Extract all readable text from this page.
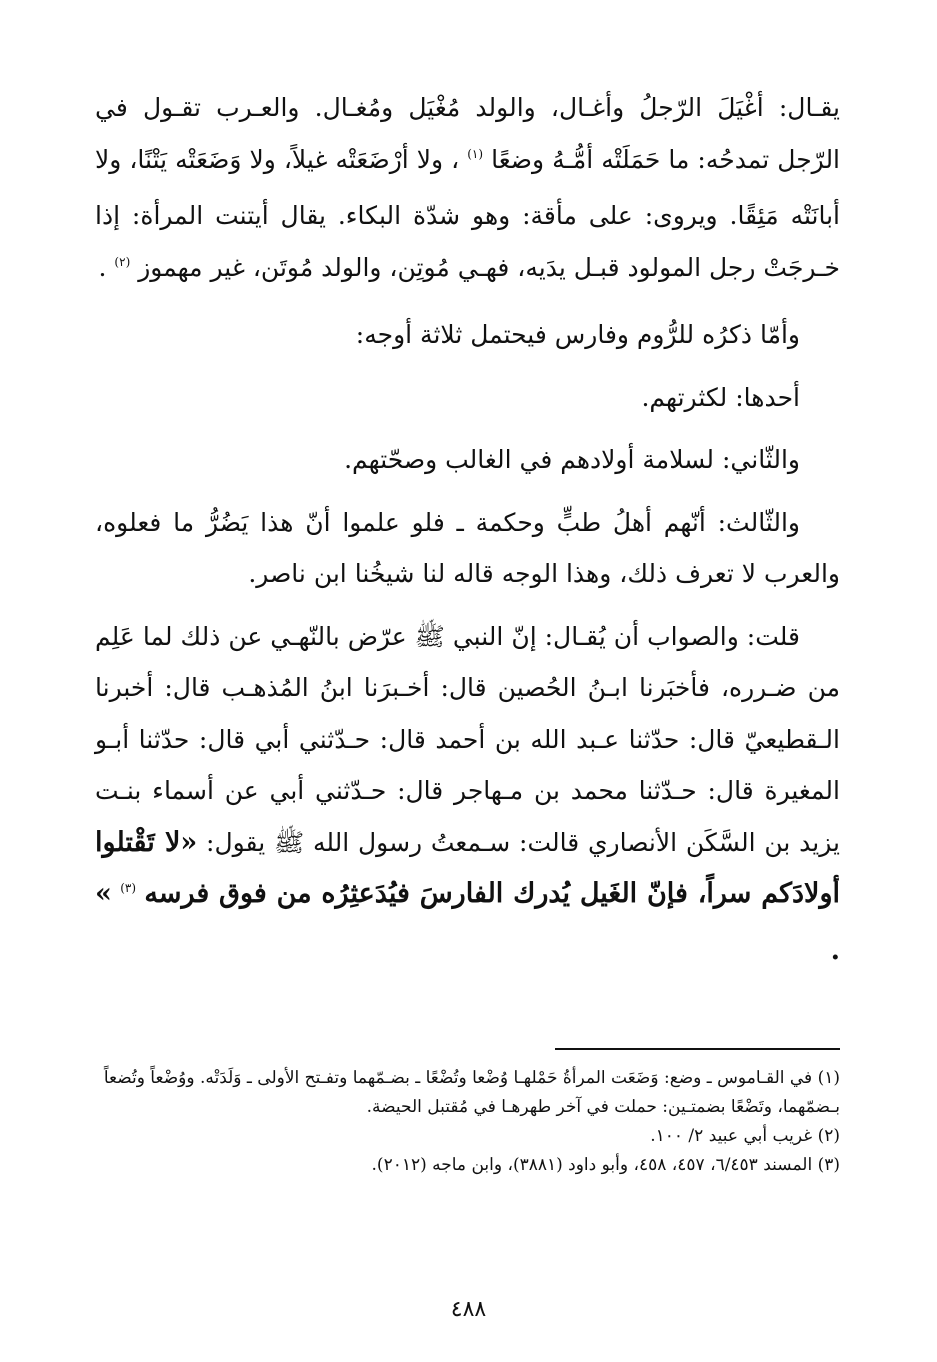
يقـال: أغْيَلَ الرّجلُ وأغـال، والولد مُغْيَل ومُغـال. والعـرب تقـول في الرّجل تمدحُه: ما حَمَلَتْه أمُّـهُ وضعًا $^{(١)}$ ، ولا أرْضَعَتْه غيلاً، ولا وَضَعَتْه يَتْنًا، ولا أبانَتْه مَئِقًا. ويروى: على مأقة: وهو شدّة البكاء. يقال أيتنت المرأة: إذا خـرجَتْ رجل المولود قبـل يدَيه، فهـي مُوتِن، والولد مُوتَن، غير مهموز $^{(٢)}$ .

وأمّا ذكرُه للرُّوم وفارس فيحتمل ثلاثة أوجه:

أحدها: لكثرتهم.

والثّاني: لسلامة أولادهم في الغالب وصحّتهم.

والثّالث: أنّهم أهلُ طبٍّ وحكمة ـ فلو علموا أنّ هذا يَضُرُّ ما فعلوه، والعرب لا تعرف ذلك، وهذا الوجه قاله لنا شيخُنا ابن ناصر.

قلت: والصواب أن يُقـال: إنّ النبي ﷺ عرّض بالنّهـي عن ذلك لما عَلِم من ضـرره، فأخبَرنا ابـنُ الحُصين قال: أخـبرَنا ابنُ المُذهـب قال: أخبرنا الـقطيعيّ قال: حدّثنا عـبد الله بن أحمد قال: حـدّثني أبي قال: حدّثنا أبـو المغيرة قال: حـدّثنا محمد بن مـهاجر قال: حـدّثني أبي عن أسماء بنـت يزيد بن السَّكَن الأنصاري قالت: سـمعتُ رسول الله ﷺ يقول: «لا تَقْتلوا أولادَكم سراً، فإنّ الغَيل يُدرك الفارسَ فيُدَعثِرُه من فوق فرسه $^{(٣)}$ » .

(١) في القـاموس ـ وضع: وَضَعَت المرأةُ حَمْلهـا وُضْعا وتُضْعًا ـ بضـمّهما وتفـتح الأولى ـ وَلَدَتْه. ووُضْعاً وتُضعاً بـضمّهما، وتَضْعًا بضمتـين: حملت في آخر طهرهـا في مُقتبل الحيضة.

(٢) غريب أبي عبيد ٢/ ١٠٠.

(٣) المسند ٦/٤٥٣، ٤٥٧، ٤٥٨، وأبو داود (٣٨٨١)، وابن ماجه (٢٠١٢).

٤٨٨
